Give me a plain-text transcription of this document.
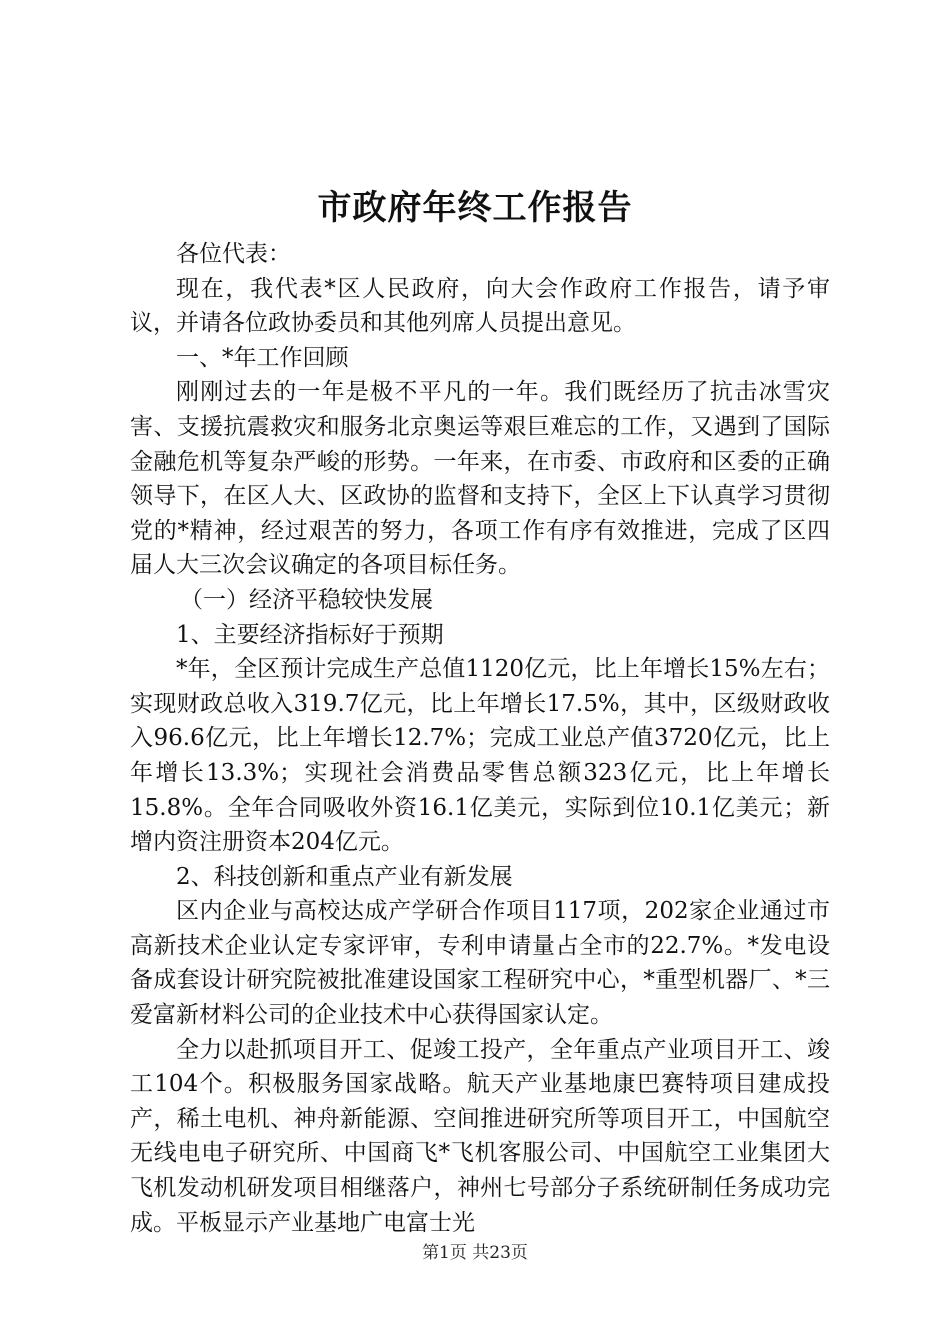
市政府年终工作报告

各位代表：

现在，我代表*区人民政府，向大会作政府工作报告，请予审议，并请各位政协委员和其他列席人员提出意见。

一、*年工作回顾

刚刚过去的一年是极不平凡的一年。我们既经历了抗击冰雪灾害、支援抗震救灾和服务北京奥运等艰巨难忘的工作，又遇到了国际金融危机等复杂严峻的形势。一年来，在市委、市政府和区委的正确领导下，在区人大、区政协的监督和支持下，全区上下认真学习贯彻党的*精神，经过艰苦的努力，各项工作有序有效推进，完成了区四届人大三次会议确定的各项目标任务。

（一）经济平稳较快发展

1、主要经济指标好于预期

*年，全区预计完成生产总值1120亿元，比上年增长15%左右；实现财政总收入319.7亿元，比上年增长17.5%，其中，区级财政收入96.6亿元，比上年增长12.7%；完成工业总产值3720亿元，比上年增长13.3%；实现社会消费品零售总额323亿元，比上年增长15.8%。全年合同吸收外资16.1亿美元，实际到位10.1亿美元；新增内资注册资本204亿元。

2、科技创新和重点产业有新发展

区内企业与高校达成产学研合作项目117项，202家企业通过市高新技术企业认定专家评审，专利申请量占全市的22.7%。*发电设备成套设计研究院被批准建设国家工程研究中心，*重型机器厂、*三爱富新材料公司的企业技术中心获得国家认定。

全力以赴抓项目开工、促竣工投产，全年重点产业项目开工、竣工104个。积极服务国家战略。航天产业基地康巴赛特项目建成投产，稀土电机、神舟新能源、空间推进研究所等项目开工，中国航空无线电电子研究所、中国商飞*飞机客服公司、中国航空工业集团大飞机发动机研发项目相继落户，神州七号部分子系统研制任务成功完成。平板显示产业基地广电富士光

第1页 共23页
